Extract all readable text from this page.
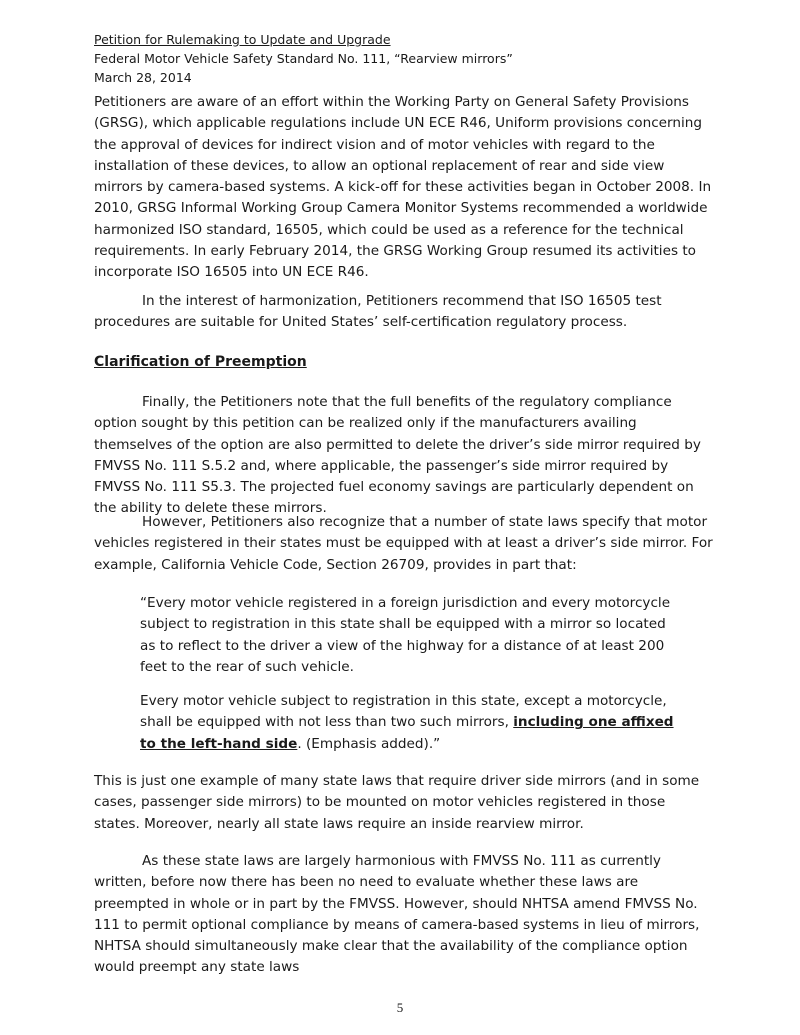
Petition for Rulemaking to Update and Upgrade
Federal Motor Vehicle Safety Standard No. 111, “Rearview mirrors”
March 28, 2014

Petitioners are aware of an effort within the Working Party on General Safety Provisions (GRSG), which applicable regulations include UN ECE R46, Uniform provisions concerning the approval of devices for indirect vision and of motor vehicles with regard to the installation of these devices, to allow an optional replacement of rear and side view mirrors by camera-based systems. A kick-off for these activities began in October 2008. In 2010, GRSG Informal Working Group Camera Monitor Systems recommended a worldwide harmonized ISO standard, 16505, which could be used as a reference for the technical requirements. In early February 2014, the GRSG Working Group resumed its activities to incorporate ISO 16505 into UN ECE R46.

In the interest of harmonization, Petitioners recommend that ISO 16505 test procedures are suitable for United States’ self-certification regulatory process.

Clarification of Preemption

Finally, the Petitioners note that the full benefits of the regulatory compliance option sought by this petition can be realized only if the manufacturers availing themselves of the option are also permitted to delete the driver’s side mirror required by FMVSS No. 111 S.5.2 and, where applicable, the passenger’s side mirror required by FMVSS No. 111 S5.3. The projected fuel economy savings are particularly dependent on the ability to delete these mirrors.

However, Petitioners also recognize that a number of state laws specify that motor vehicles registered in their states must be equipped with at least a driver’s side mirror. For example, California Vehicle Code, Section 26709, provides in part that:

“Every motor vehicle registered in a foreign jurisdiction and every motorcycle subject to registration in this state shall be equipped with a mirror so located as to reflect to the driver a view of the highway for a distance of at least 200 feet to the rear of such vehicle.

Every motor vehicle subject to registration in this state, except a motorcycle, shall be equipped with not less than two such mirrors, including one affixed to the left-hand side. (Emphasis added).”

This is just one example of many state laws that require driver side mirrors (and in some cases, passenger side mirrors) to be mounted on motor vehicles registered in those states. Moreover, nearly all state laws require an inside rearview mirror.

As these state laws are largely harmonious with FMVSS No. 111 as currently written, before now there has been no need to evaluate whether these laws are preempted in whole or in part by the FMVSS. However, should NHTSA amend FMVSS No. 111 to permit optional compliance by means of camera-based systems in lieu of mirrors, NHTSA should simultaneously make clear that the availability of the compliance option would preempt any state laws

5
